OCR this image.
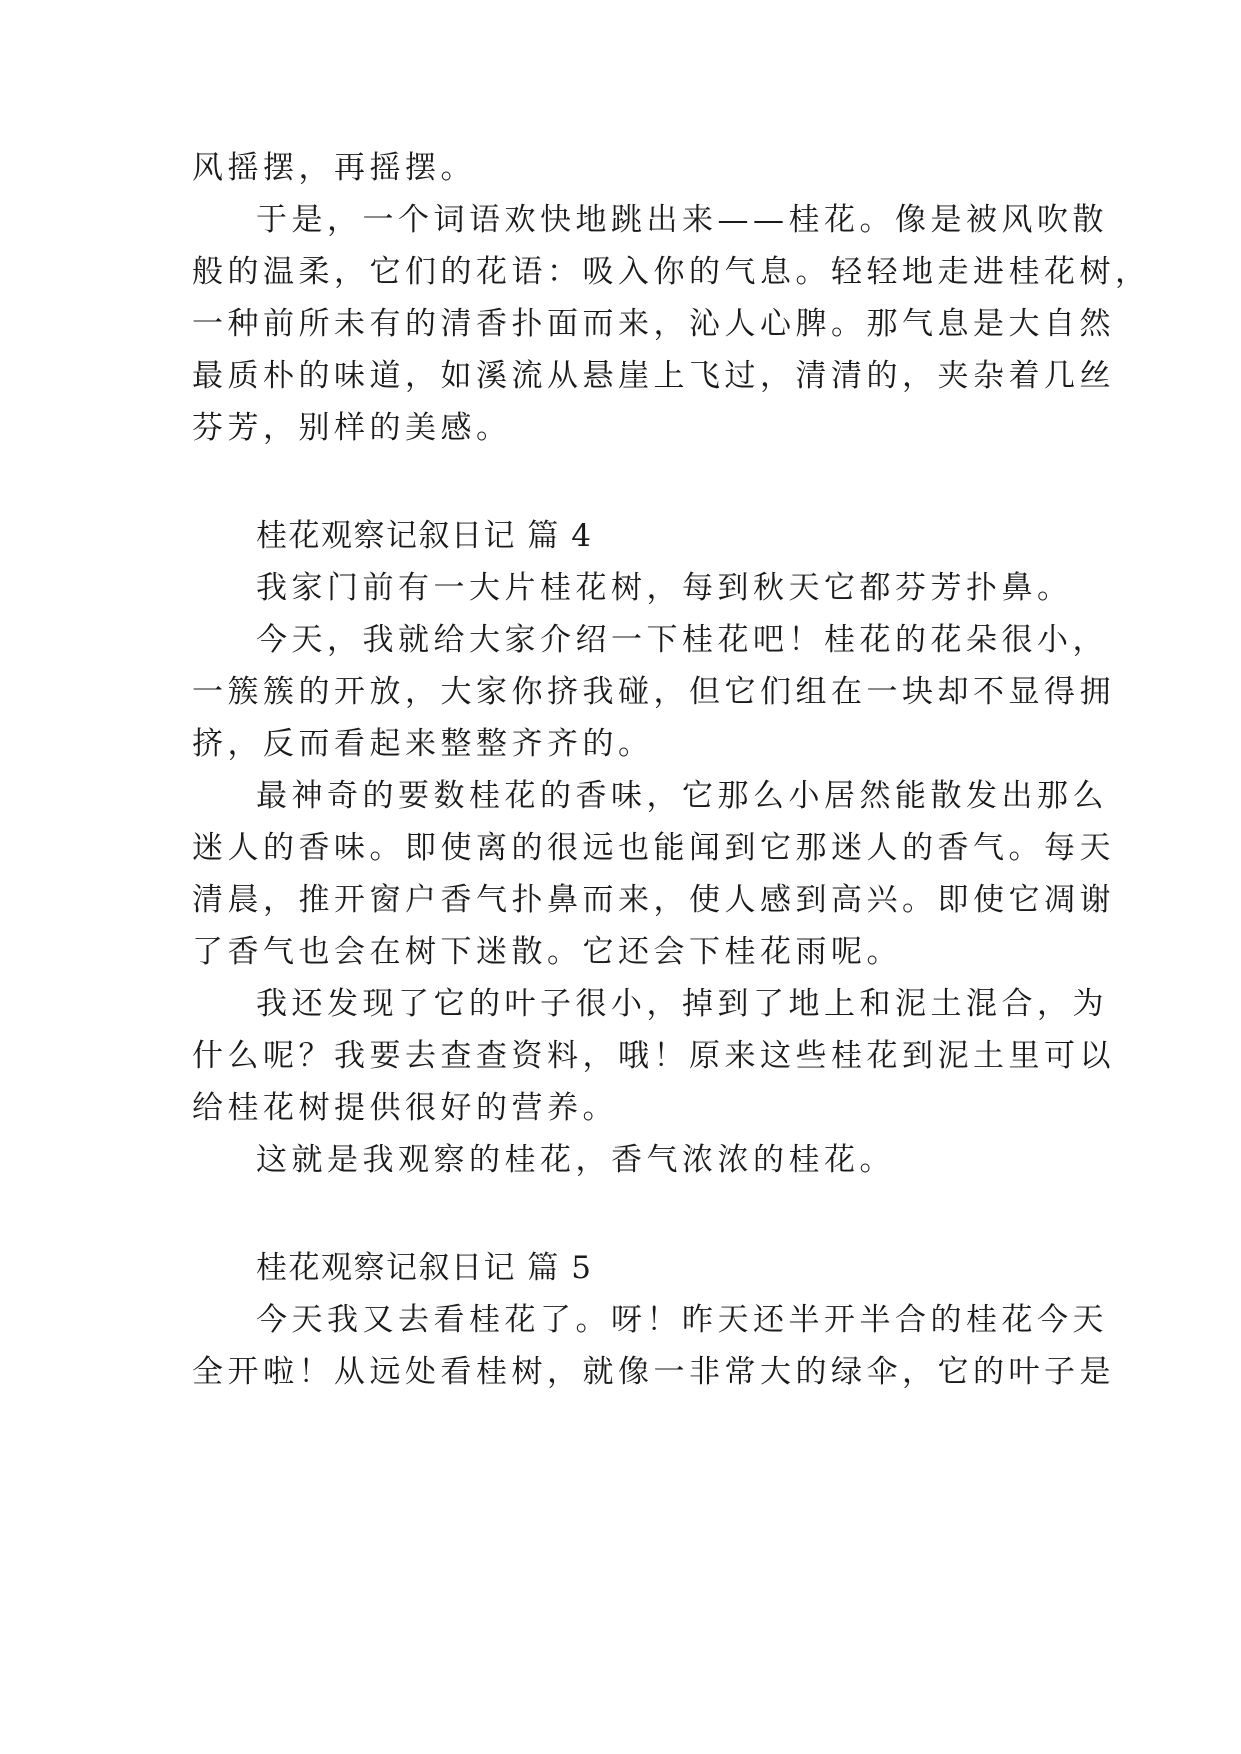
风摇摆，再摇摆。
于是，一个词语欢快地跳出来——桂花。像是被风吹散
般的温柔，它们的花语：吸入你的气息。轻轻地走进桂花树，
一种前所未有的清香扑面而来，沁人心脾。那气息是大自然
最质朴的味道，如溪流从悬崖上飞过，清清的，夹杂着几丝
芬芳，别样的美感。
桂花观察记叙日记 篇 4
我家门前有一大片桂花树，每到秋天它都芬芳扑鼻。
今天，我就给大家介绍一下桂花吧！桂花的花朵很小，
一簇簇的开放，大家你挤我碰，但它们组在一块却不显得拥
挤，反而看起来整整齐齐的。
最神奇的要数桂花的香味，它那么小居然能散发出那么
迷人的香味。即使离的很远也能闻到它那迷人的香气。每天
清晨，推开窗户香气扑鼻而来，使人感到高兴。即使它凋谢
了香气也会在树下迷散。它还会下桂花雨呢。
我还发现了它的叶子很小，掉到了地上和泥土混合，为
什么呢？我要去查查资料，哦！原来这些桂花到泥土里可以
给桂花树提供很好的营养。
这就是我观察的桂花，香气浓浓的桂花。
桂花观察记叙日记 篇 5
今天我又去看桂花了。呀！昨天还半开半合的桂花今天
全开啦！从远处看桂树，就像一非常大的绿伞，它的叶子是
